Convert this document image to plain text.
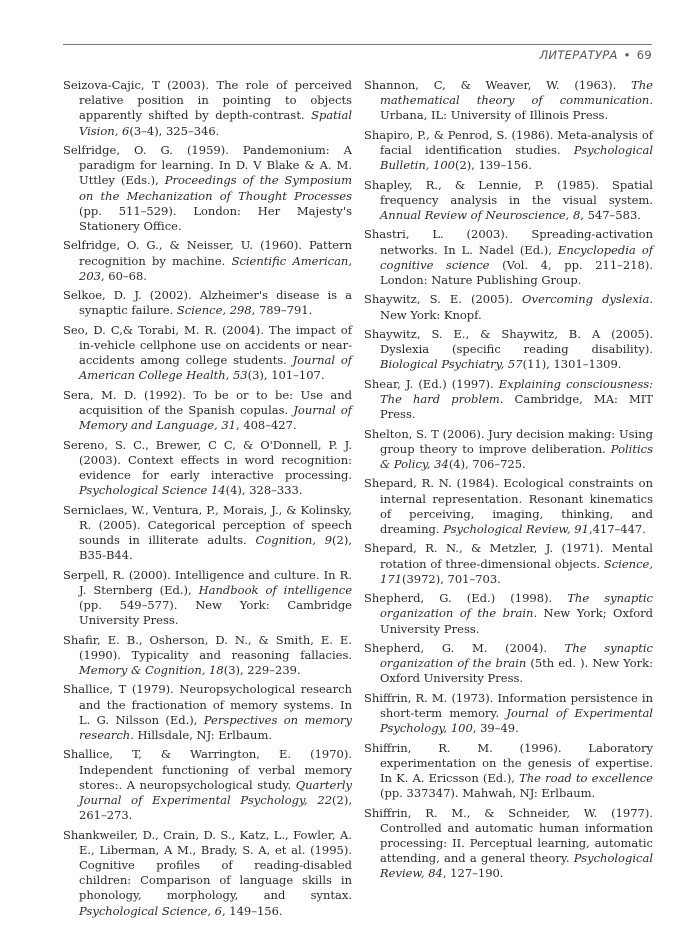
ЛИТЕРАТУРА • 69

Seizova-Cajic, T (2003). The role of perceived relative position in pointing to objects apparently shifted by depth-contrast. Spatial Vision, 6(3–4), 325–346.

Selfridge, O. G. (1959). Pandemonium: A paradigm for learning. In D. V Blake & A. M. Uttley (Eds.), Proceedings of the Symposium on the Mechanization of Thought Processes (pp. 511–529). London: Her Majesty's Stationery Office.

Selfridge, O. G., & Neisser, U. (1960). Pattern recognition by machine. Scientific American, 203, 60–68.

Selkoe, D. J. (2002). Alzheimer's disease is a synaptic failure. Science, 298, 789–791.

Seo, D. C,& Torabi, M. R. (2004). The impact of in-vehicle cellphone use on accidents or near-accidents among college students. Journal of American College Health, 53(3), 101–107.

Sera, M. D. (1992). To be or to be: Use and acquisition of the Spanish copulas. Journal of Memory and Language, 31, 408–427.

Sereno, S. C., Brewer, C C, & O'Donnell, P. J. (2003). Context effects in word recognition: evidence for early interactive processing. Psychological Science 14(4), 328–333.

Serniclaes, W., Ventura, P., Morais, J., & Kolinsky, R. (2005). Categorical perception of speech sounds in illiterate adults. Cognition, 9(2), B35-B44.

Serpell, R. (2000). Intelligence and culture. In R. J. Sternberg (Ed.), Handbook of intelligence (pp. 549–577). New York: Cambridge University Press.

Shafir, E. B., Osherson, D. N., & Smith, E. E. (1990). Typicality and reasoning fallacies. Memory & Cognition, 18(3), 229–239.

Shallice, T (1979). Neuropsychological research and the fractionation of memory systems. In L. G. Nilsson (Ed.), Perspectives on memory research. Hillsdale, NJ: Erlbaum.

Shallice, T, & Warrington, E. (1970). Independent functioning of verbal memory stores:. A neuropsychological study. Quarterly Journal of Experimental Psychology, 22(2), 261–273.

Shankweiler, D., Crain, D. S., Katz, L., Fowler, A. E., Liberman, A M., Brady, S. A, et al. (1995). Cognitive profiles of reading-disabled children: Comparison of language skills in phonology, morphology, and syntax. Psychological Science, 6, 149–156.

Shannon, C, & Weaver, W. (1963). The mathematical theory of communication. Urbana, IL: University of Illinois Press.

Shapiro, P., & Penrod, S. (1986). Meta-analysis of facial identification studies. Psychological Bulletin, 100(2), 139–156.

Shapley, R., & Lennie, P. (1985). Spatial frequency analysis in the visual system. Annual Review of Neuroscience, 8, 547–583.

Shastri, L. (2003). Spreading-activation networks. In L. Nadel (Ed.), Encyclopedia of cognitive science (Vol. 4, pp. 211–218). London: Nature Publishing Group.

Shaywitz, S. E. (2005). Overcoming dyslexia. New York: Knopf.

Shaywitz, S. E., & Shaywitz, B. A (2005). Dyslexia (specific reading disability). Biological Psychiatry, 57(11), 1301–1309.

Shear, J. (Ed.) (1997). Explaining consciousness: The hard problem. Cambridge, MA: MIT Press.

Shelton, S. T (2006). Jury decision making: Using group theory to improve deliberation. Politics & Policy, 34(4), 706–725.

Shepard, R. N. (1984). Ecological constraints on internal representation. Resonant kinematics of perceiving, imaging, thinking, and dreaming. Psychological Review, 91,417–447.

Shepard, R. N., & Metzler, J. (1971). Mental rotation of three-dimensional objects. Science, 171(3972), 701–703.

Shepherd, G. (Ed.) (1998). The synaptic organization of the brain. New York; Oxford University Press.

Shepherd, G. M. (2004). The synaptic organization of the brain (5th ed. ). New York: Oxford University Press.

Shiffrin, R. M. (1973). Information persistence in short-term memory. Journal of Experimental Psychology, 100, 39–49.

Shiffrin, R. M. (1996). Laboratory experimentation on the genesis of expertise. In K. A. Ericsson (Ed.), The road to excellence (pp. 337347). Mahwah, NJ: Erlbaum.

Shiffrin, R. M., & Schneider, W. (1977). Controlled and automatic human information processing: II. Perceptual learning, automatic attending, and a general theory. Psychological Review, 84, 127–190.
